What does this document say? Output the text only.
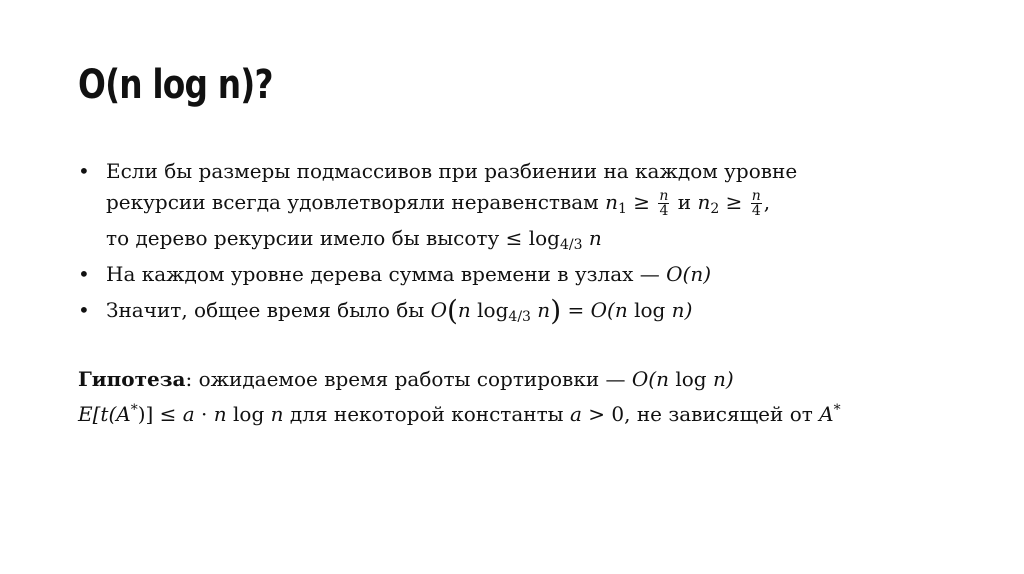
O(n log n)?
• Если бы размеры подмассивов при разбиении на каждом уровне
рекурсии всегда удовлетворяли неравенствам $n_1 \ge \frac{n}{4}$ и $n_2 \ge \frac{n}{4}$ ,
то дерево рекурсии имело бы высоту ≤ $\log_{4/3} n$
• На каждом уровне дерева сумма времени в узлах — O(n)
• Значит, общее время было бы O(n $\log_{4/3} n) = O(n$ log n)
Гипотеза: ожидаемое время работы сортировки — O(n log n)
E[t(A*)] ≤ a · n log n для некоторой константы a > 0, не зависящей от A*
